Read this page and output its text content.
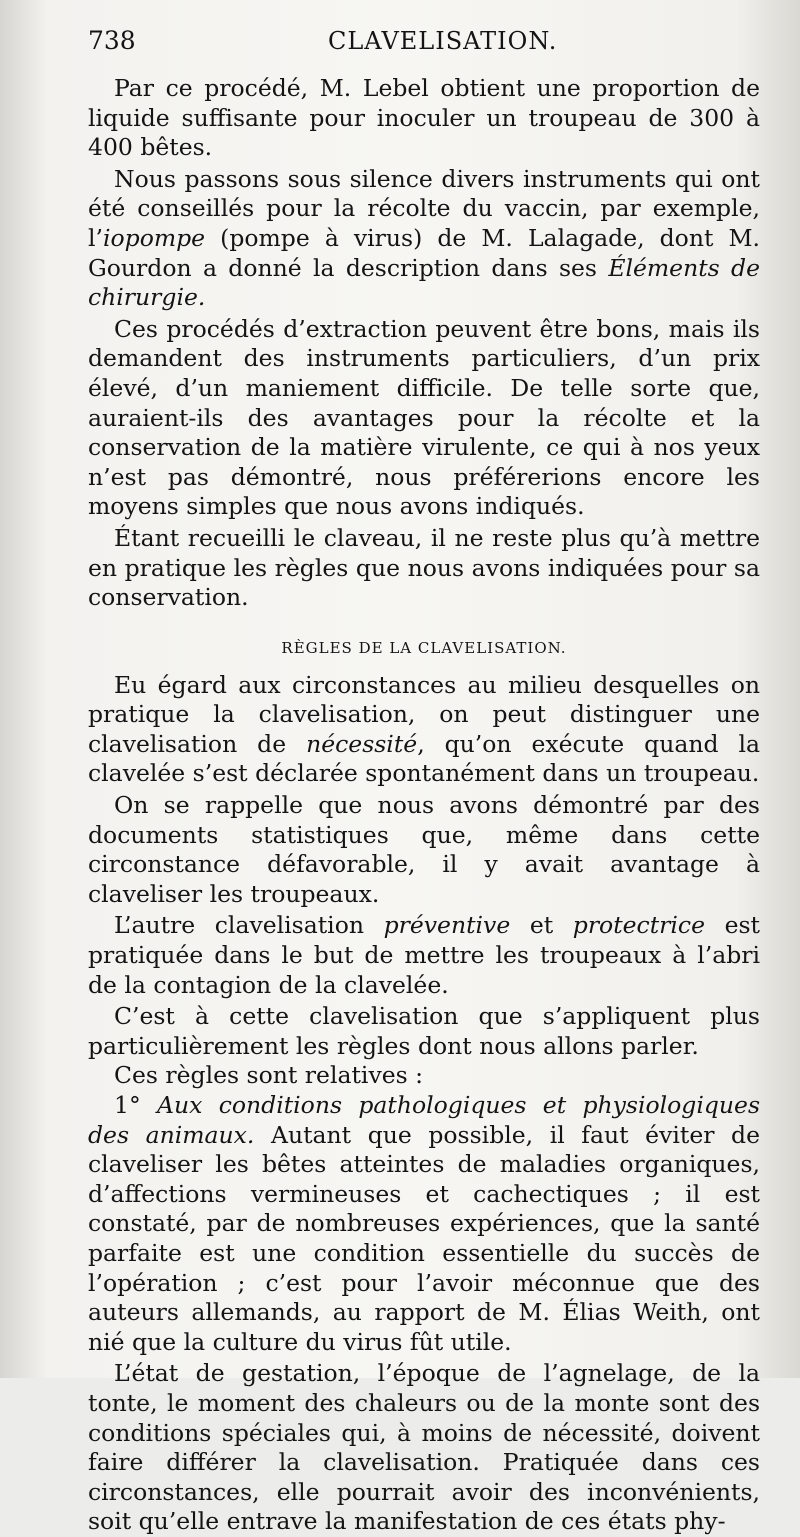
738	CLAVELISATION.

Par ce procédé, M. Lebel obtient une proportion de liquide suffisante pour inoculer un troupeau de 300 à 400 bêtes.

Nous passons sous silence divers instruments qui ont été conseillés pour la récolte du vaccin, par exemple, l’iopompe (pompe à virus) de M. Lalagade, dont M. Gourdon a donné la description dans ses Éléments de chirurgie.

Ces procédés d’extraction peuvent être bons, mais ils demandent des instruments particuliers, d’un prix élevé, d’un maniement difficile. De telle sorte que, auraient-ils des avantages pour la récolte et la conservation de la matière virulente, ce qui à nos yeux n’est pas démontré, nous préférerions encore les moyens simples que nous avons indiqués.

Étant recueilli le claveau, il ne reste plus qu’à mettre en pratique les règles que nous avons indiquées pour sa conservation.

RÈGLES DE LA CLAVELISATION.

Eu égard aux circonstances au milieu desquelles on pratique la clavelisation, on peut distinguer une clavelisation de nécessité, qu’on exécute quand la clavelée s’est déclarée spontanément dans un troupeau.

On se rappelle que nous avons démontré par des documents statistiques que, même dans cette circonstance défavorable, il y avait avantage à claveliser les troupeaux.

L’autre clavelisation préventive et protectrice est pratiquée dans le but de mettre les troupeaux à l’abri de la contagion de la clavelée.

C’est à cette clavelisation que s’appliquent plus particulièrement les règles dont nous allons parler.

Ces règles sont relatives :

1° Aux conditions pathologiques et physiologiques des animaux. Autant que possible, il faut éviter de claveliser les bêtes atteintes de maladies organiques, d’affections vermineuses et cachectiques ; il est constaté, par de nombreuses expériences, que la santé parfaite est une condition essentielle du succès de l’opération ; c’est pour l’avoir méconnue que des auteurs allemands, au rapport de M. Élias Weith, ont nié que la culture du virus fût utile.

L’état de gestation, l’époque de l’agnelage, de la tonte, le moment des chaleurs ou de la monte sont des conditions spéciales qui, à moins de nécessité, doivent faire différer la clavelisation. Pratiquée dans ces circonstances, elle pourrait avoir des inconvénients, soit qu’elle entrave la manifestation de ces états phy-
